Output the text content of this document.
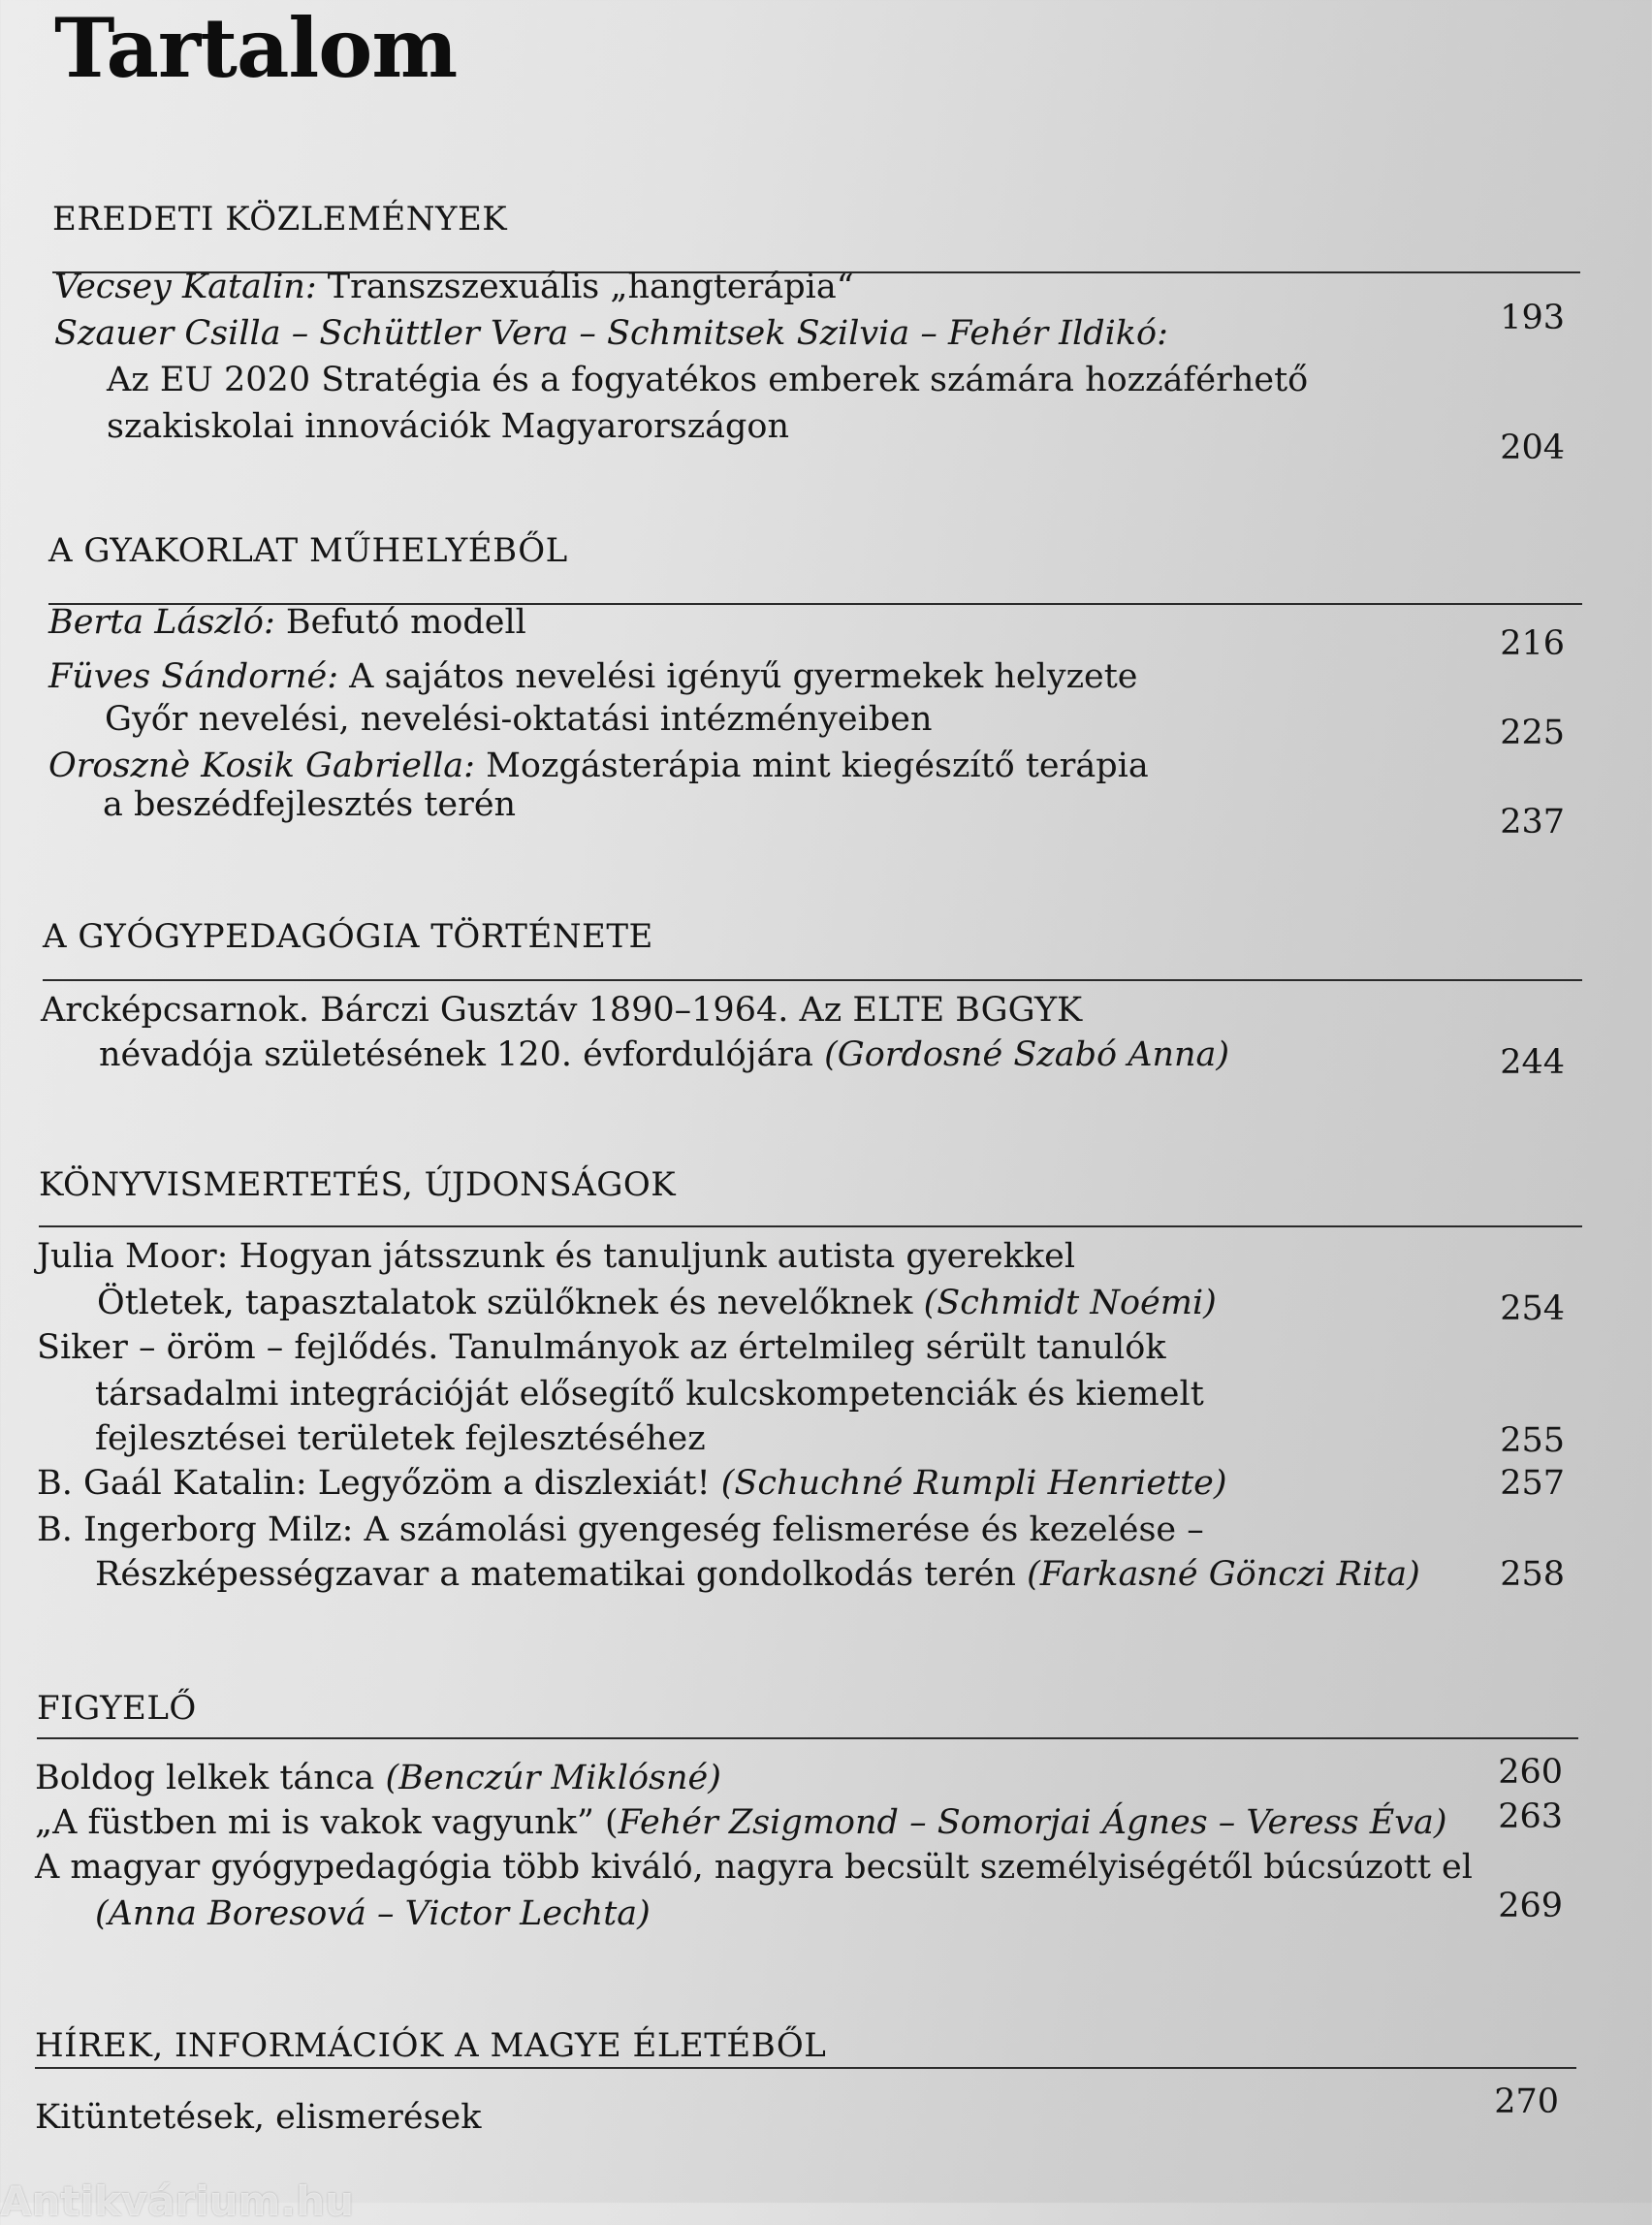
Tartalom
EREDETI KÖZLEMÉNYEK
Vecsey Katalin: Transzszexuális „hangterápia“
193
Szauer Csilla – Schüttler Vera – Schmitsek Szilvia – Fehér Ildikó:
Az EU 2020 Stratégia és a fogyatékos emberek számára hozzáférhető
szakiskolai innovációk Magyarországon
204
A GYAKORLAT MŰHELYÉBŐL
Berta László: Befutó modell
216
Füves Sándorné: A sajátos nevelési igényű gyermekek helyzete
Győr nevelési, nevelési-oktatási intézményeiben	225
Orosznè Kosik Gabriella: Mozgásterápia mint kiegészítő terápia
a beszédfejlesztés terén	237
A GYÓGYPEDAGÓGIA TÖRTÉNETE
Arcképcsarnok. Bárczi Gusztáv 1890–1964. Az ELTE BGGYK
névadója születésének 120. évfordulójára (Gordosné Szabó Anna)	244
KÖNYVISMERTETÉS, ÚJDONSÁGOK
Julia Moor: Hogyan játsszunk és tanuljunk autista gyerekkel
Ötletek, tapasztalatok szülőknek és nevelőknek (Schmidt Noémi)	254
Siker – öröm – fejlődés. Tanulmányok az értelmileg sérült tanulók
társadalmi integrációját elősegítő kulcskompetenciák és kiemelt
fejlesztései területek fejlesztéséhez	255
B. Gaál Katalin: Legyőzöm a diszlexiát! (Schuchné Rumpli Henriette)	257
B. Ingerborg Milz: A számolási gyengeség felismerése és kezelése –
Részképességzavar a matematikai gondolkodás terén (Farkasné Gönczi Rita)	258
FIGYELŐ
Boldog lelkek tánca (Benczúr Miklósné)	260
„A füstben mi is vakok vagyunk” (Fehér Zsigmond – Somorjai Ágnes – Veress Éva)	263
A magyar gyógypedagógia több kiváló, nagyra becsült személyiségétől búcsúzott el
(Anna Boresová – Victor Lechta)	269
HÍREK, INFORMÁCIÓK A MAGYE ÉLETÉBŐL
Kitüntetések, elismerések	270
Antikvárium.hu
